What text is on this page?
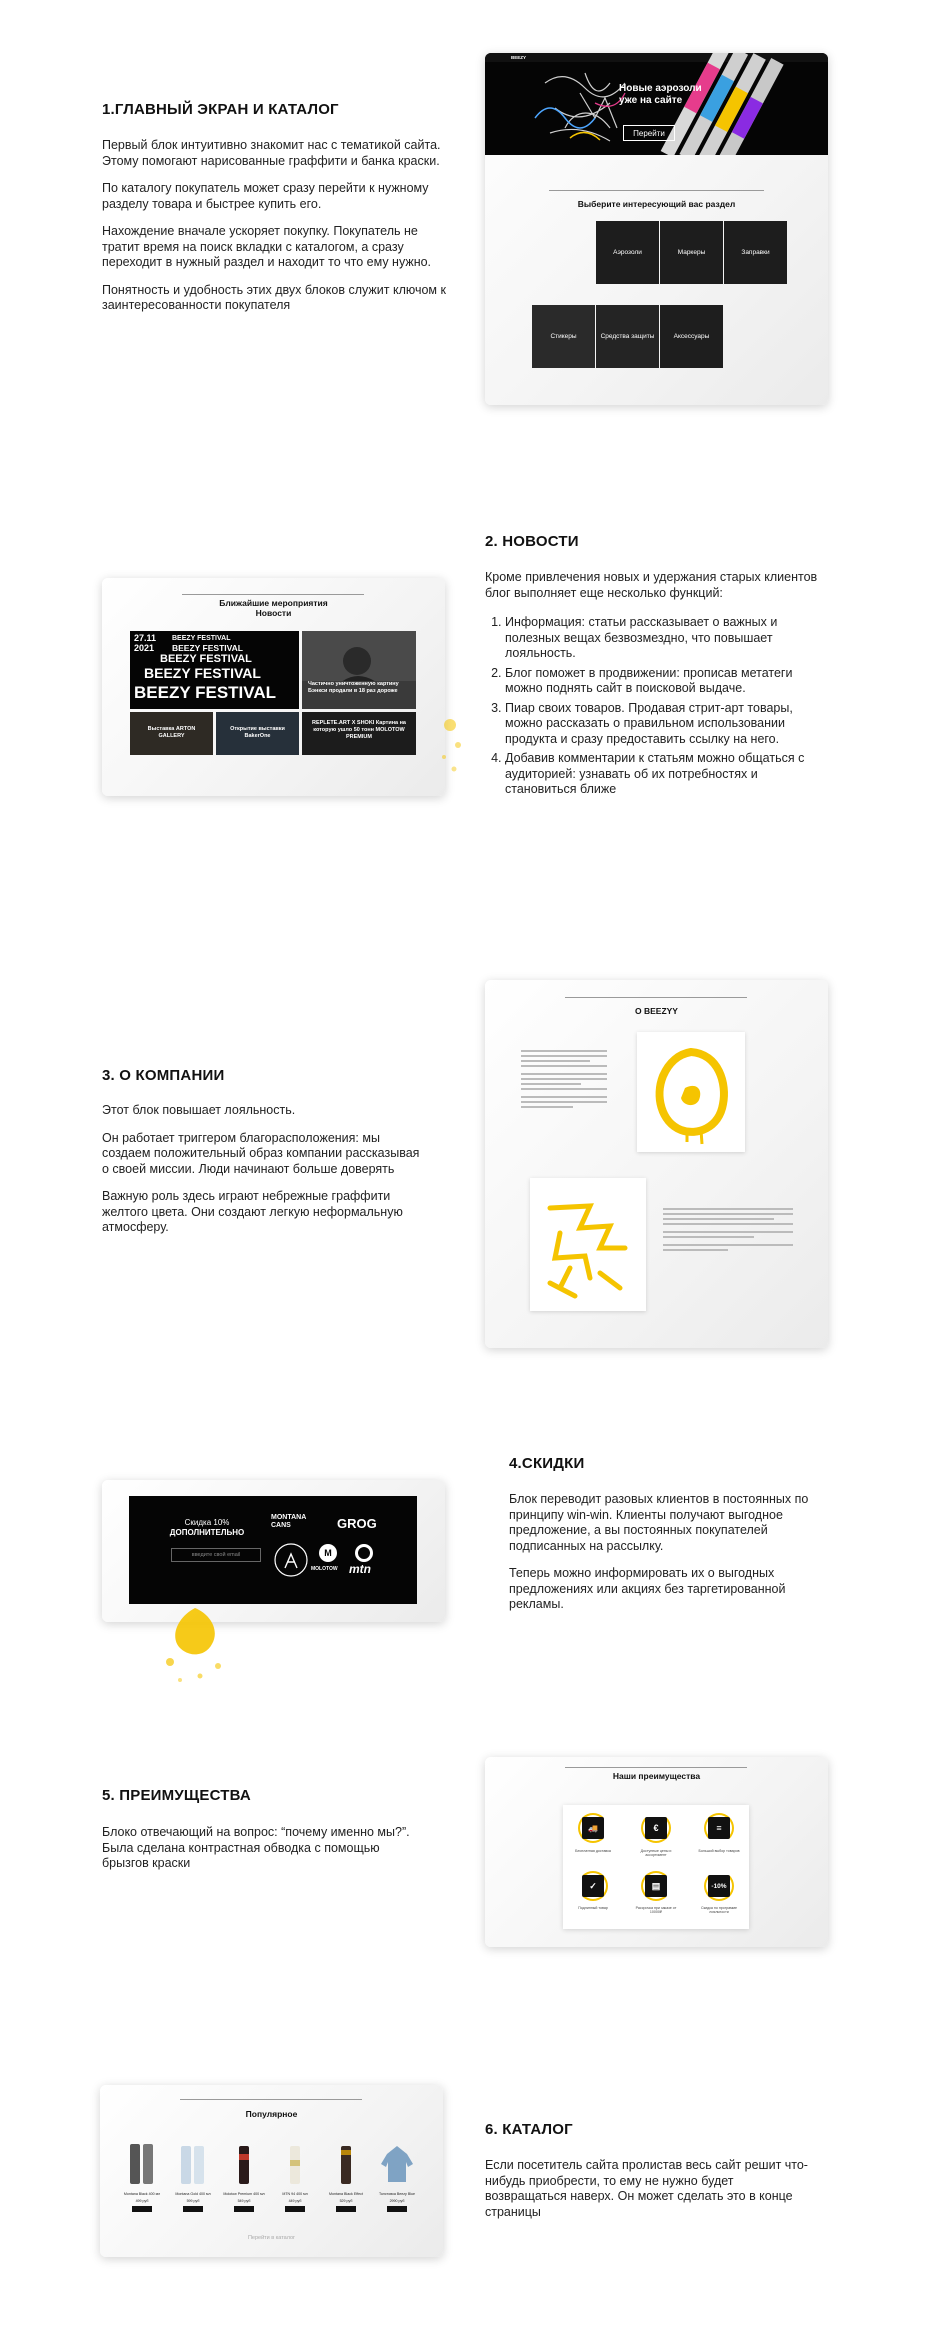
1.ГЛАВНЫЙ ЭКРАН И КАТАЛОГ

Первый блок интуитивно знакомит нас с тематикой сайта. Этому помогают нарисованные граффити и банка краски.

По каталогу покупатель может сразу перейти к нужному разделу товара и быстрее купить его.

Нахождение вначале ускоряет покупку. Покупатель не тратит время на поиск вкладки с каталогом, а сразу переходит в нужный раздел и находит то что ему нужно.

Понятность и удобность этих двух блоков служит ключом к заинтересованности покупателя

BEEZY
Новые аэрозоли уже на сайте
Перейти
Выберите интересующий вас раздел
Аэрозоли	Маркеры	Заправки
Стикеры	Средства защиты	Аксессуары
Ближайшие мероприятия
Новости
27.11 2021
BEEZY FESTIVAL
BEEZY FESTIVAL
BEEZY FESTIVAL
BEEZY FESTIVAL
BEEZY FESTIVAL	Частично уничтоженную картину Бэнкси продали в 18 раз дороже
Выставка ARTON GALLERY
Открытие выставки BakerOne
REPLETE.ART X SHOKI Картина на которую ушло 50 тонн MOLOTOW PREMIUM
2. НОВОСТИ

Кроме привлечения новых и удержания старых клиентов блог выполняет еще несколько функций:

1. Информация: статьи рассказывает о важных и полезных вещах безвозмездно, что повышает лояльность.
2. Блог поможет в продвижении: прописав метатеги можно поднять сайт в поисковой выдаче.
3. Пиар своих товаров. Продавая стрит-арт товары, можно рассказать о правильном использовании продукта и сразу предоставить ссылку на него.
4. Добавив комментарии к статьям можно общаться с аудиторией: узнавать об их потребностях и становиться ближе
3. О КОМПАНИИ

Этот блок повышает лояльность.

Он работает триггером благорасположения: мы создаем положительный образ компании рассказывая о своей миссии. Люди начинают больше доверять

Важную роль здесь играют небрежные граффити желтого цвета. Они создают легкую неформальную атмосферу.

О BEEZYY
Скидка 10%
ДОПОЛНИТЕЛЬНО
введите свой email
MONTANA CANS	GROG
M
MOLOTOW mtn
4.СКИДКИ

Блок переводит разовых клиентов в постоянных по принципу win-win. Клиенты получают выгодное предложение, а вы постоянных покупателей подписанных на рассылку.

Теперь можно информировать их о выгодных предложениях или акциях без таргетированной рекламы.

5. ПРЕИМУЩЕСТВА

Блоко отвечающий на вопрос: “почему именно мы?”.

Была сделана контрастная обводка с помощью брызгов краски

Наши преимущества
🚚
Бесплатная доставка
€
Доступные цены и ассортимент
≡
Большой выбор товаров
✓
Подлинный товар
▤
Рассрочка при заказе от 10000₽
-10%
Скидка по программе лояльности
Популярное
Montana Black 400 мл
499 руб
Montana Gold 400 мл
599 руб
Molotow Premium 400 мл
549 руб
MTN 94 400 мл
449 руб
Montana Black Effect
529 руб
Толстовка Beezy Blue
2990 руб
Перейти в каталог
6. КАТАЛОГ

Если посетитель сайта пролистав весь сайт решит что-нибудь приобрести, то ему не нужно будет возвращаться наверх. Он может сделать это в конце страницы
